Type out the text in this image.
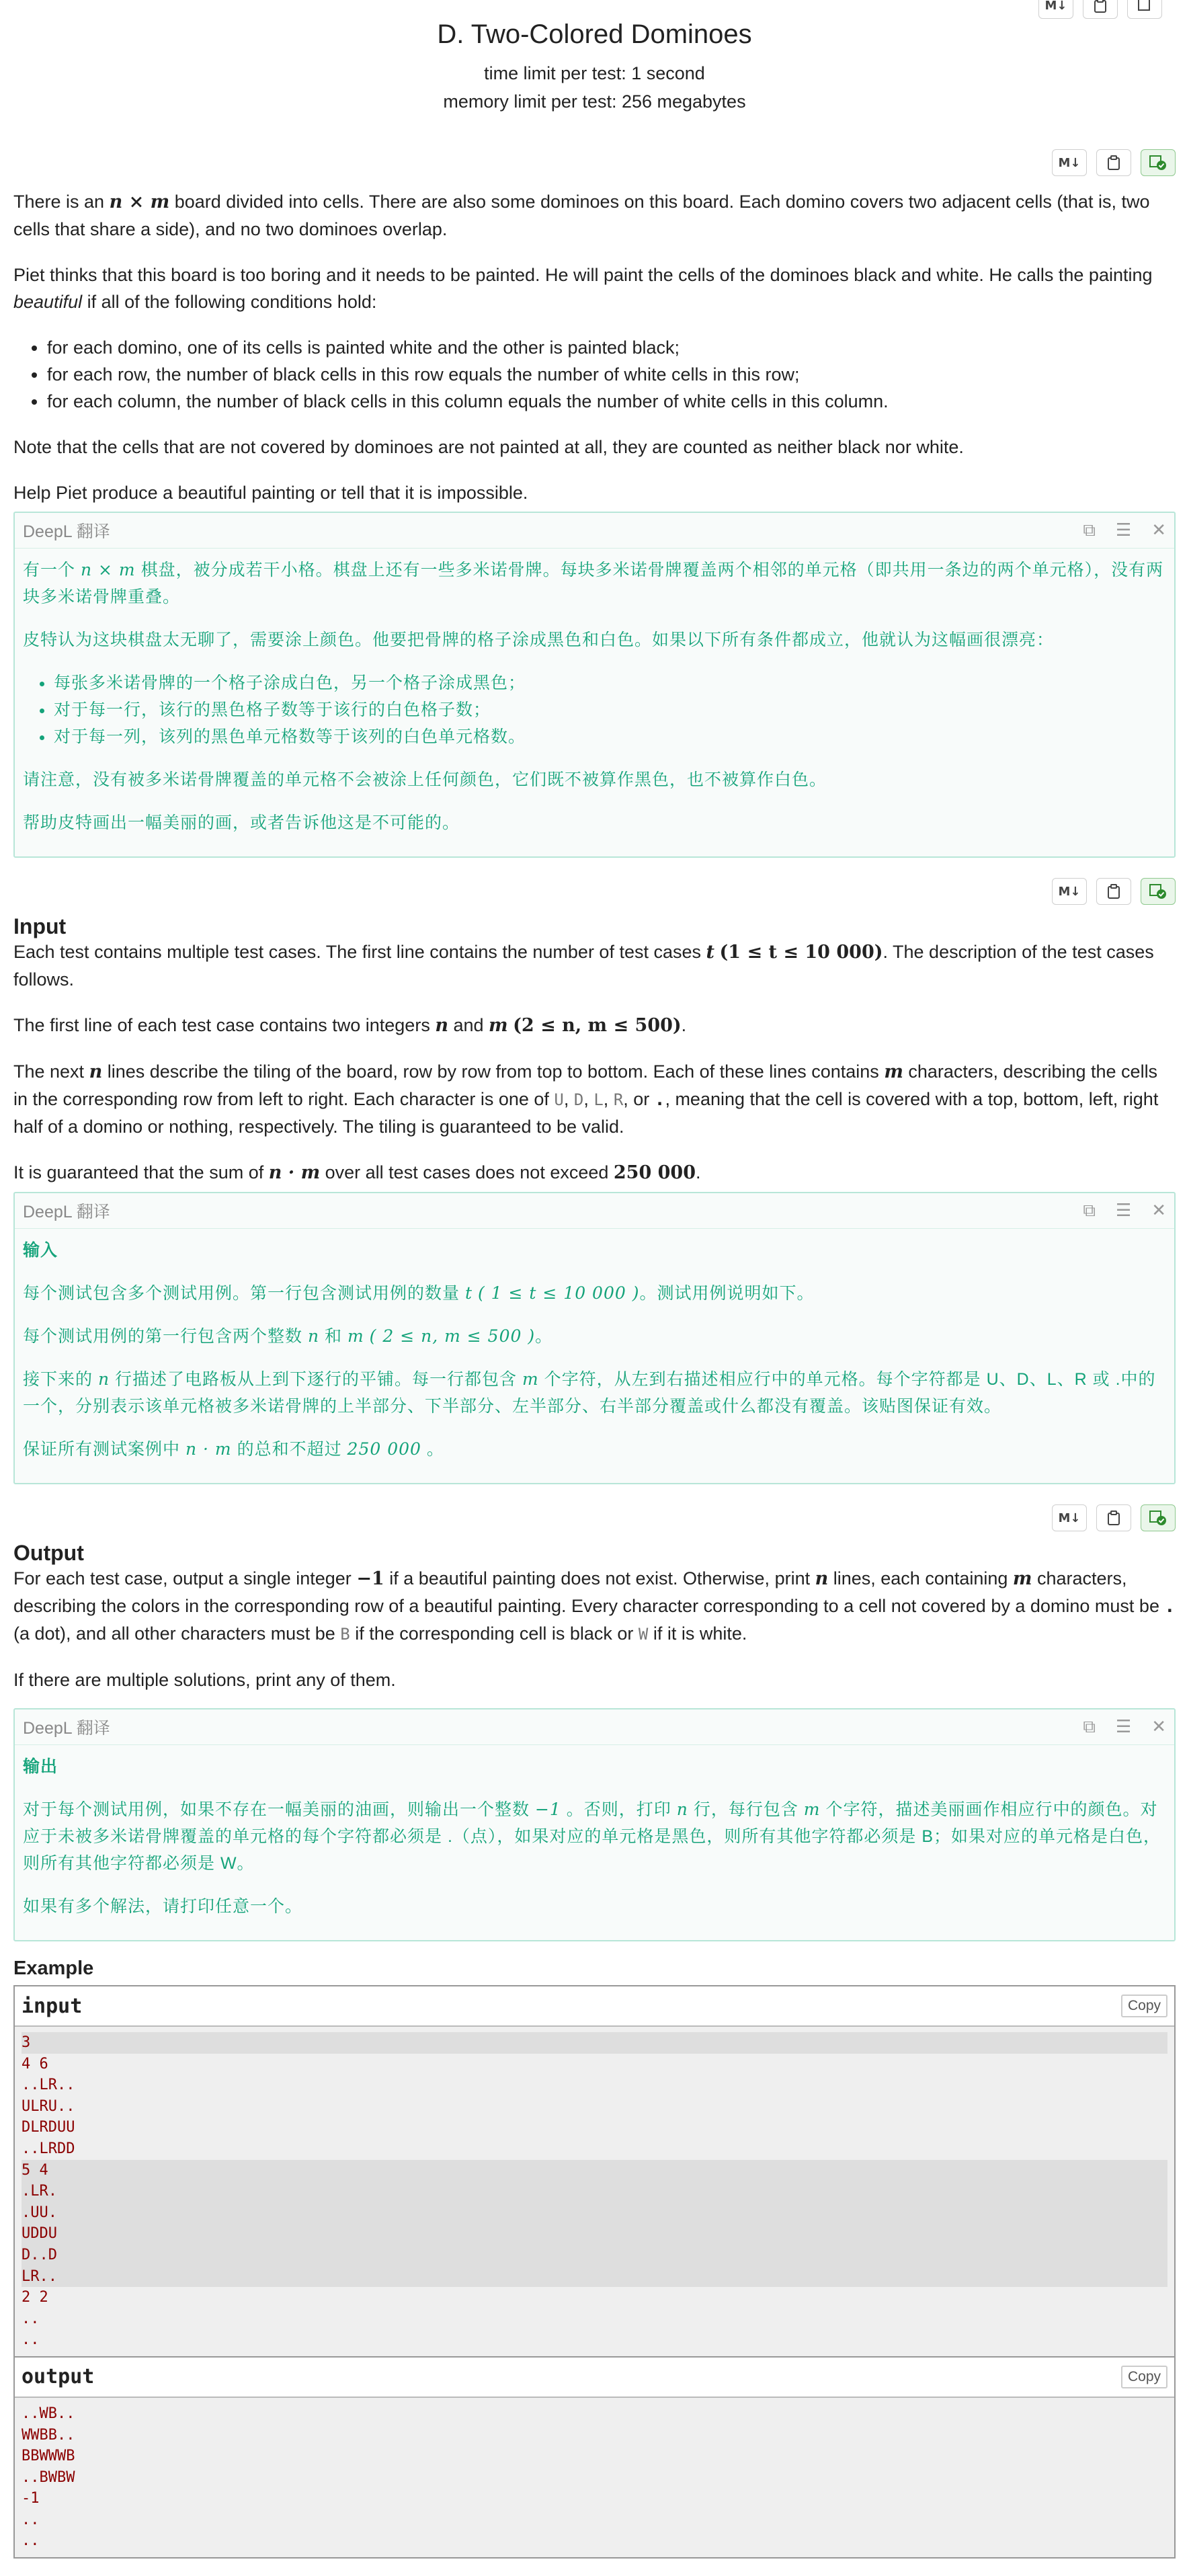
M↓
D. Two-Colored Dominoes
time limit per test: 1 second
memory limit per test: 256 megabytes
M↓

There is an n × m board divided into cells. There are also some dominoes on this board. Each domino covers two adjacent cells (that is, two cells that share a side), and no two dominoes overlap.

Piet thinks that this board is too boring and it needs to be painted. He will paint the cells of the dominoes black and white. He calls the painting beautiful if all of the following conditions hold:

• for each domino, one of its cells is painted white and the other is painted black;
• for each row, the number of black cells in this row equals the number of white cells in this row;
• for each column, the number of black cells in this column equals the number of white cells in this column.

Note that the cells that are not covered by dominoes are not painted at all, they are counted as neither black nor white.

Help Piet produce a beautiful painting or tell that it is impossible.

DeepL 翻译	⧉ ☰ ✕

有一个 n × m 棋盘，被分成若干小格。棋盘上还有一些多米诺骨牌。每块多米诺骨牌覆盖两个相邻的单元格（即共用一条边的两个单元格），没有两块多米诺骨牌重叠。

皮特认为这块棋盘太无聊了，需要涂上颜色。他要把骨牌的格子涂成黑色和白色。如果以下所有条件都成立，他就认为这幅画很漂亮：

• 每张多米诺骨牌的一个格子涂成白色，另一个格子涂成黑色；
• 对于每一行，该行的黑色格子数等于该行的白色格子数；
• 对于每一列，该列的黑色单元格数等于该列的白色单元格数。

请注意，没有被多米诺骨牌覆盖的单元格不会被涂上任何颜色，它们既不被算作黑色，也不被算作白色。

帮助皮特画出一幅美丽的画，或者告诉他这是不可能的。

M↓
Input

Each test contains multiple test cases. The first line contains the number of test cases t (1 ≤ t ≤ 10 000). The description of the test cases follows.

The first line of each test case contains two integers n and m (2 ≤ n, m ≤ 500).

The next n lines describe the tiling of the board, row by row from top to bottom. Each of these lines contains m characters, describing the cells in the corresponding row from left to right. Each character is one of U, D, L, R, or ., meaning that the cell is covered with a top, bottom, left, right half of a domino or nothing, respectively. The tiling is guaranteed to be valid.

It is guaranteed that the sum of n · m over all test cases does not exceed 250 000.

DeepL 翻译	⧉ ☰ ✕

输入

每个测试包含多个测试用例。第一行包含测试用例的数量 t ( 1 ≤ t ≤ 10 000 )。测试用例说明如下。

每个测试用例的第一行包含两个整数 n 和 m ( 2 ≤ n, m ≤ 500 )。

接下来的 n 行描述了电路板从上到下逐行的平铺。每一行都包含 m 个字符，从左到右描述相应行中的单元格。每个字符都是 U、D、L、R 或 .中的一个，分别表示该单元格被多米诺骨牌的上半部分、下半部分、左半部分、右半部分覆盖或什么都没有覆盖。该贴图保证有效。

保证所有测试案例中 n · m 的总和不超过 250 000 。

M↓
Output

For each test case, output a single integer −1 if a beautiful painting does not exist. Otherwise, print n lines, each containing m characters, describing the colors in the corresponding row of a beautiful painting. Every character corresponding to a cell not covered by a domino must be . (a dot), and all other characters must be B if the corresponding cell is black or W if it is white.

If there are multiple solutions, print any of them.

DeepL 翻译	⧉ ☰ ✕

输出

对于每个测试用例，如果不存在一幅美丽的油画，则输出一个整数 −1 。否则，打印 n 行，每行包含 m 个字符，描述美丽画作相应行中的颜色。对应于未被多米诺骨牌覆盖的单元格的每个字符都必须是 .（点），如果对应的单元格是黑色，则所有其他字符都必须是 B；如果对应的单元格是白色，则所有其他字符都必须是 W。

如果有多个解法，请打印任意一个。

Example
input	Copy
3
4 6
..LR..
ULRU..
DLRDUU
..LRDD
5 4
.LR.
.UU.
UDDU
D..D
LR..
2 2
..
..
output	Copy
..WB..
WWBB..
BBWWWB
..BWBW
-1
..
..
